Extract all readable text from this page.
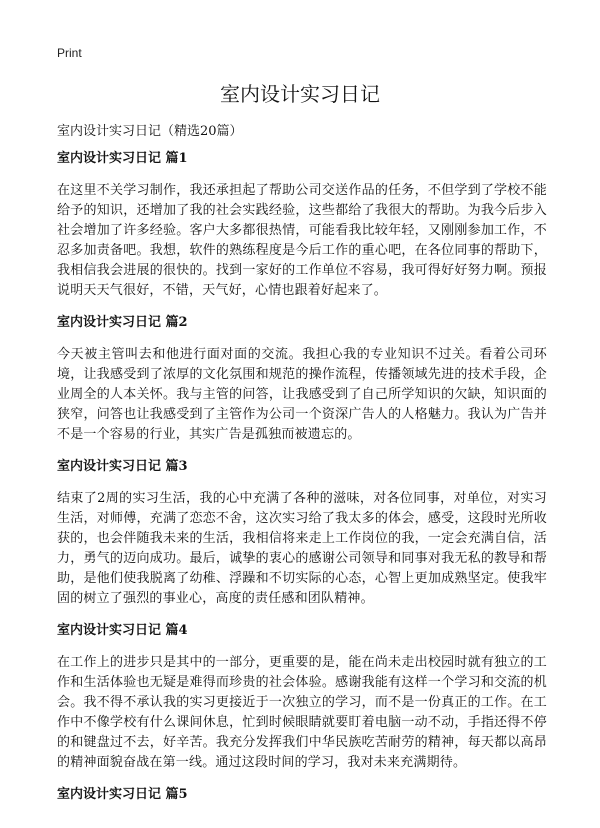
Print
室内设计实习日记
室内设计实习日记（精选20篇）
室内设计实习日记 篇1
在这里不关学习制作，我还承担起了帮助公司交送作品的任务，不但学到了学校不能给予的知识，还增加了我的社会实践经验，这些都给了我很大的帮助。为我今后步入社会增加了许多经验。客户大多都很热情，可能看我比较年轻，又刚刚参加工作，不忍多加责备吧。我想，软件的熟练程度是今后工作的重心吧，在各位同事的帮助下，我相信我会进展的很快的。找到一家好的工作单位不容易，我可得好好努力啊。预报说明天天气很好，不错，天气好，心情也跟着好起来了。
室内设计实习日记 篇2
今天被主管叫去和他进行面对面的交流。我担心我的专业知识不过关。看着公司环境，让我感受到了浓厚的文化氛围和规范的操作流程，传播领域先进的技术手段，企业周全的人本关怀。我与主管的问答，让我感受到了自己所学知识的欠缺，知识面的狭窄，问答也让我感受到了主管作为公司一个资深广告人的人格魅力。我认为广告并不是一个容易的行业，其实广告是孤独而被遗忘的。
室内设计实习日记 篇3
结束了2周的实习生活，我的心中充满了各种的滋味，对各位同事，对单位，对实习生活，对师傅，充满了恋恋不舍，这次实习给了我太多的体会，感受，这段时光所收获的，也会伴随我未来的生活，我相信将来走上工作岗位的我，一定会充满自信，活力，勇气的迈向成功。最后，诚挚的衷心的感谢公司领导和同事对我无私的教导和帮助，是他们使我脱离了幼稚、浮躁和不切实际的心态，心智上更加成熟坚定。使我牢固的树立了强烈的事业心，高度的责任感和团队精神。
室内设计实习日记 篇4
在工作上的进步只是其中的一部分，更重要的是，能在尚未走出校园时就有独立的工作和生活体验也无疑是难得而珍贵的社会体验。感谢我能有这样一个学习和交流的机会。我不得不承认我的实习更接近于一次独立的学习，而不是一份真正的工作。在工作中不像学校有什么课间休息，忙到时候眼睛就要盯着电脑一动不动，手指还得不停的和键盘过不去，好辛苦。我充分发挥我们中华民族吃苦耐劳的精神，每天都以高昂的精神面貌奋战在第一线。通过这段时间的学习，我对未来充满期待。
室内设计实习日记 篇5
